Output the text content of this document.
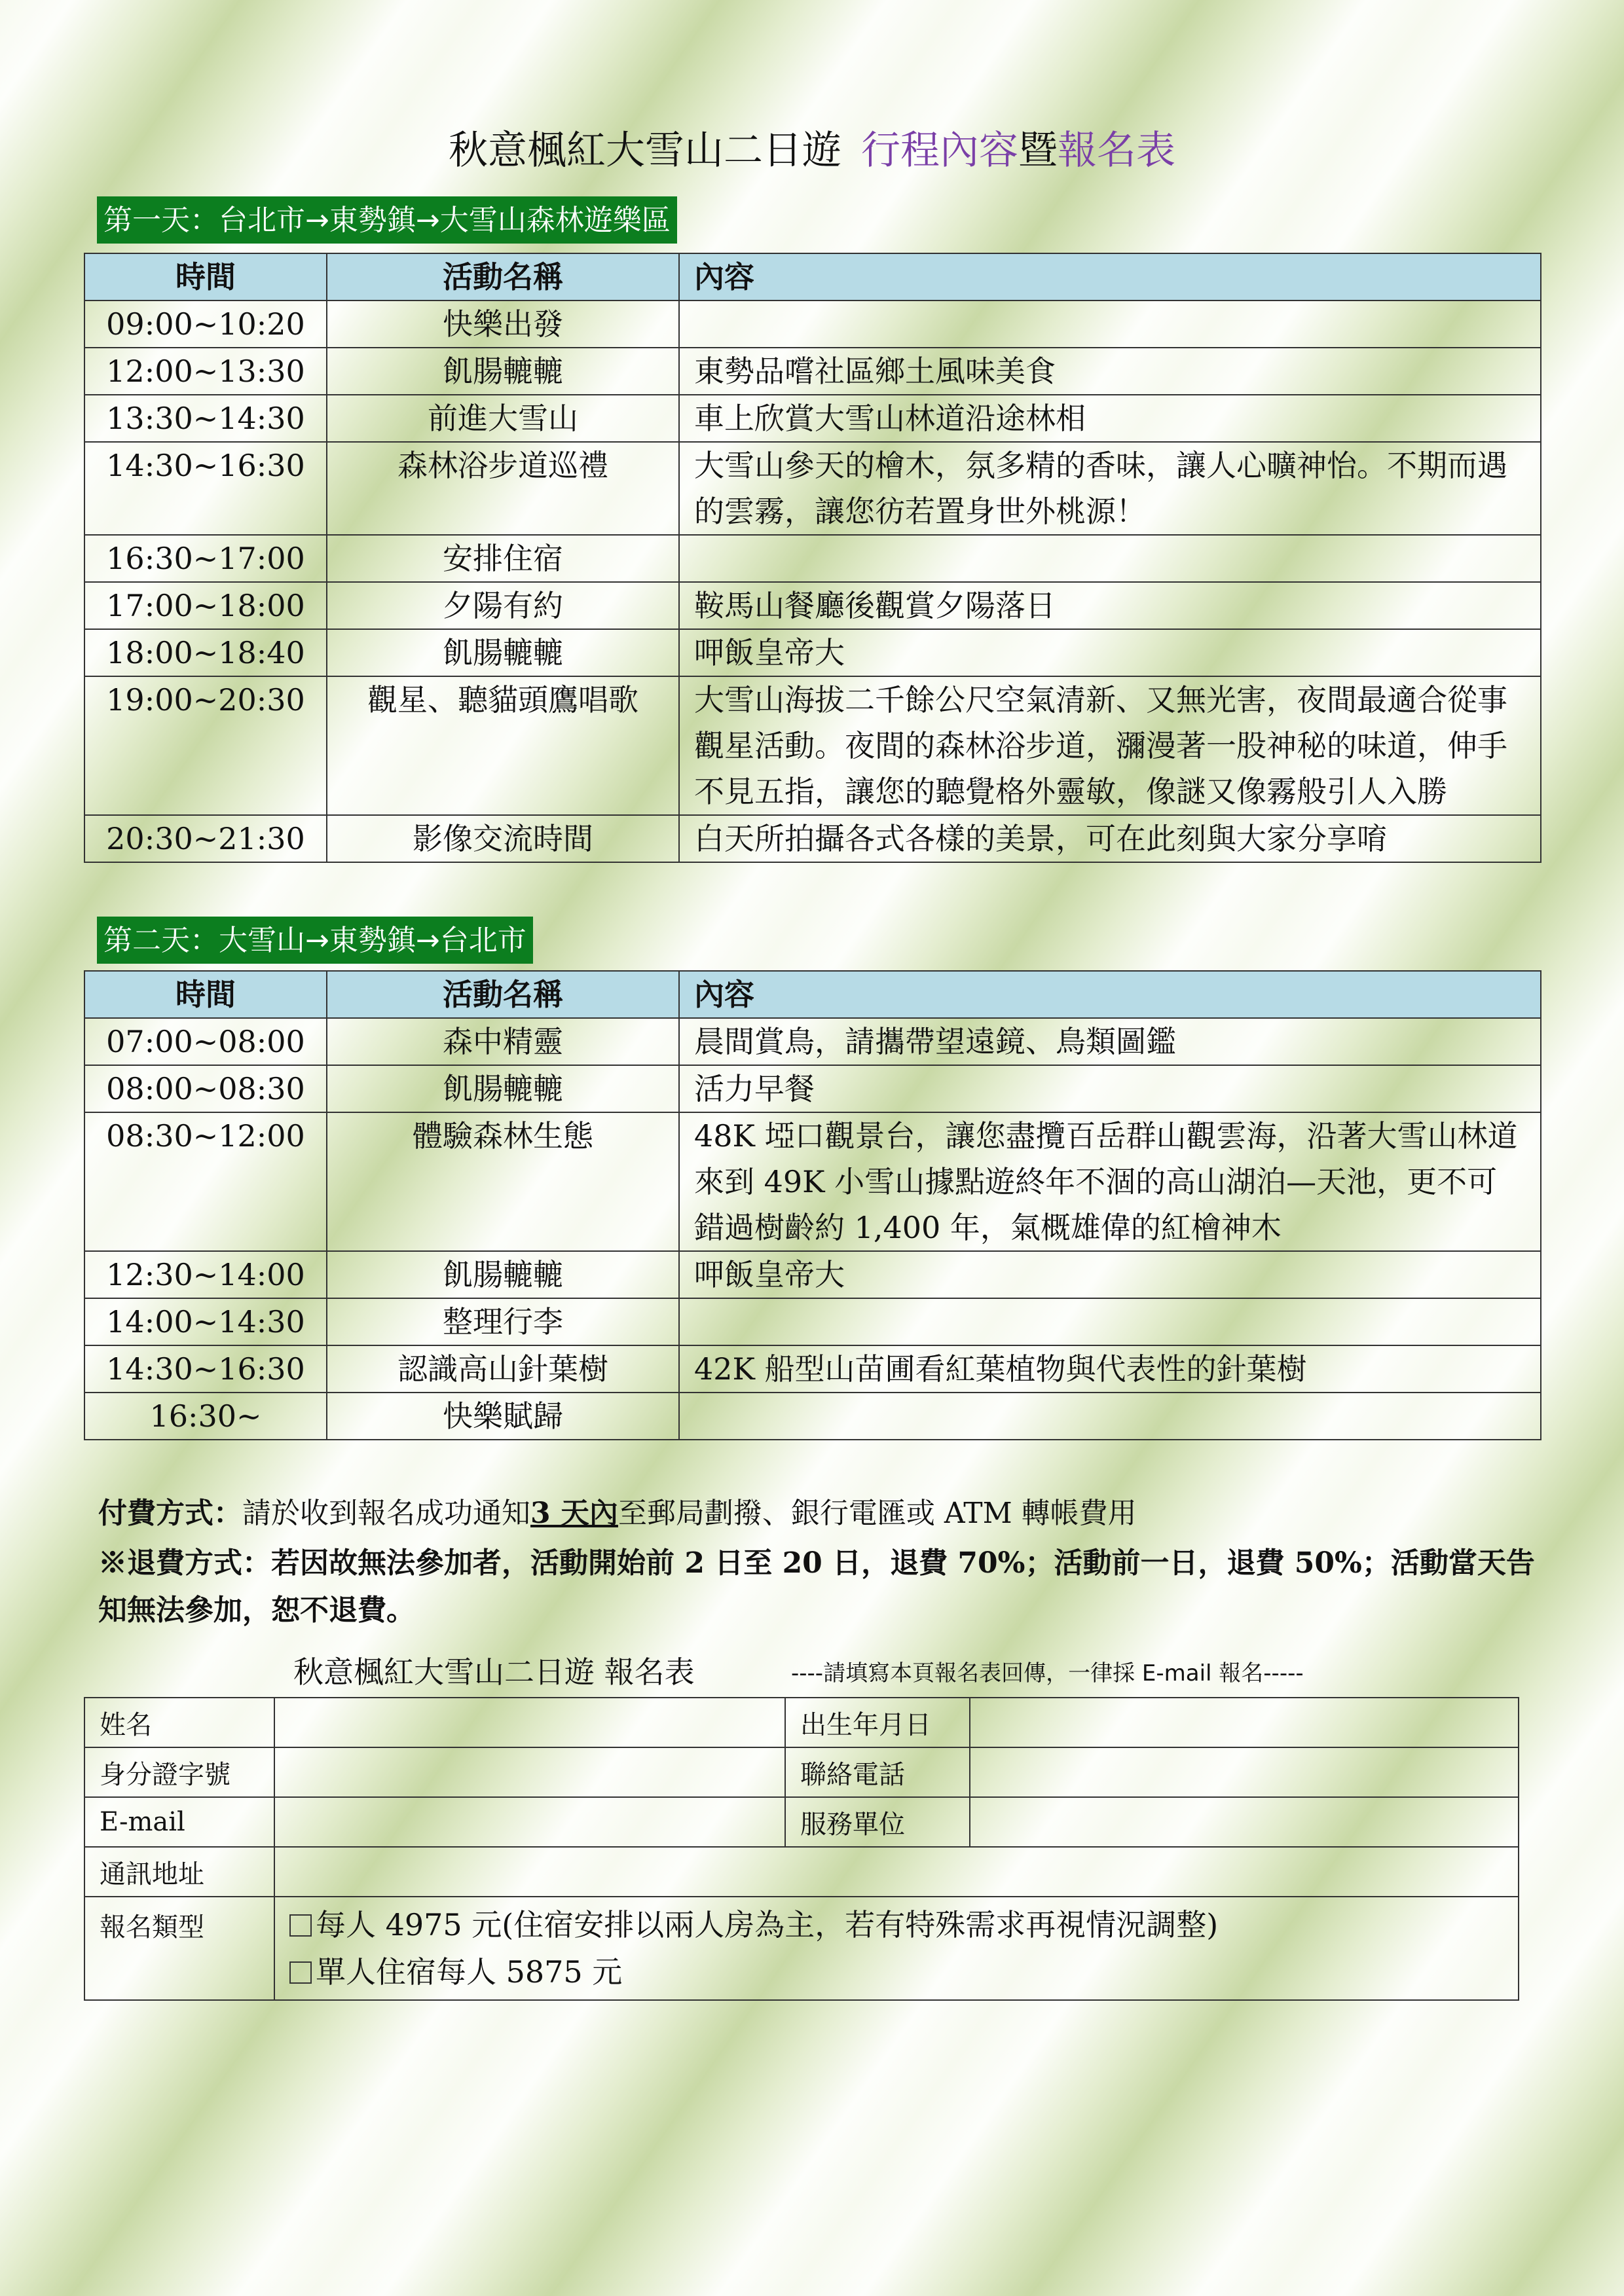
秋意楓紅大雪山二日遊 行程內容暨報名表
第一天：台北市→東勢鎮→大雪山森林遊樂區
時間	活動名稱	內容
09:00~10:20	快樂出發	
12:00~13:30	飢腸轆轆	東勢品嚐社區鄉土風味美食
13:30~14:30	前進大雪山	車上欣賞大雪山林道沿途林相
14:30~16:30	森林浴步道巡禮	大雪山參天的檜木，氛多精的香味，讓人心曠神怡。不期而遇的雲霧，讓您彷若置身世外桃源！
16:30~17:00	安排住宿	
17:00~18:00	夕陽有約	鞍馬山餐廳後觀賞夕陽落日
18:00~18:40	飢腸轆轆	呷飯皇帝大
19:00~20:30	觀星、聽貓頭鷹唱歌	大雪山海拔二千餘公尺空氣清新、又無光害，夜間最適合從事觀星活動。夜間的森林浴步道，瀰漫著一股神秘的味道，伸手不見五指，讓您的聽覺格外靈敏，像謎又像霧般引人入勝
20:30~21:30	影像交流時間	白天所拍攝各式各樣的美景，可在此刻與大家分享唷
第二天：大雪山→東勢鎮→台北市
時間	活動名稱	內容
07:00~08:00	森中精靈	晨間賞鳥，請攜帶望遠鏡、鳥類圖鑑
08:00~08:30	飢腸轆轆	活力早餐
08:30~12:00	體驗森林生態	48K 埡口觀景台，讓您盡攬百岳群山觀雲海，沿著大雪山林道來到 49K 小雪山據點遊終年不涸的高山湖泊—天池，更不可錯過樹齡約 1,400 年，氣概雄偉的紅檜神木
12:30~14:00	飢腸轆轆	呷飯皇帝大
14:00~14:30	整理行李	
14:30~16:30	認識高山針葉樹	42K 船型山苗圃看紅葉植物與代表性的針葉樹
16:30~	快樂賦歸	
付費方式：請於收到報名成功通知3 天內至郵局劃撥、銀行電匯或 ATM 轉帳費用
※退費方式：若因故無法參加者，活動開始前 2 日至 20 日，退費 70%；活動前一日，退費 50%；活動當天告知無法參加，恕不退費。
秋意楓紅大雪山二日遊 報名表	----請填寫本頁報名表回傳，一律採 E-mail 報名-----
姓名		出生年月日	
身分證字號		聯絡電話	
E-mail		服務單位	
通訊地址			
報名類型	每人 4975 元(住宿安排以兩人房為主，若有特殊需求再視情況調整)
單人住宿每人 5875 元		
